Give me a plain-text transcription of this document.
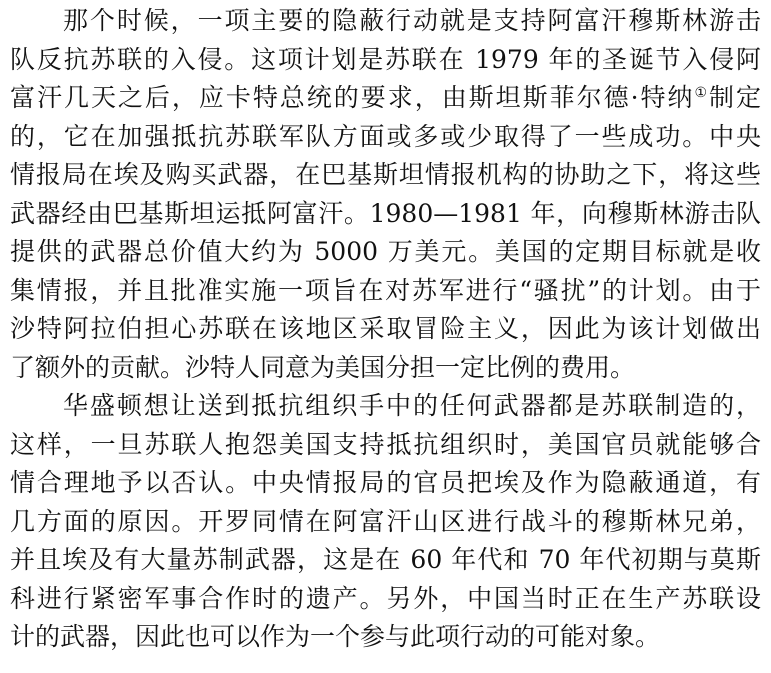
那个时候，一项主要的隐蔽行动就是支持阿富汗穆斯林游击
队反抗苏联的入侵。这项计划是苏联在 1979 年的圣诞节入侵阿
富汗几天之后，应卡特总统的要求，由斯坦斯菲尔德·特纳①制定
的，它在加强抵抗苏联军队方面或多或少取得了一些成功。中央
情报局在埃及购买武器，在巴基斯坦情报机构的协助之下，将这些
武器经由巴基斯坦运抵阿富汗。1980—1981 年，向穆斯林游击队
提供的武器总价值大约为 5000 万美元。美国的定期目标就是收
集情报，并且批准实施一项旨在对苏军进行“骚扰”的计划。由于
沙特阿拉伯担心苏联在该地区采取冒险主义，因此为该计划做出
了额外的贡献。沙特人同意为美国分担一定比例的费用。
华盛顿想让送到抵抗组织手中的任何武器都是苏联制造的，
这样，一旦苏联人抱怨美国支持抵抗组织时，美国官员就能够合
情合理地予以否认。中央情报局的官员把埃及作为隐蔽通道，有
几方面的原因。开罗同情在阿富汗山区进行战斗的穆斯林兄弟，
并且埃及有大量苏制武器，这是在 60 年代和 70 年代初期与莫斯
科进行紧密军事合作时的遗产。另外，中国当时正在生产苏联设
计的武器，因此也可以作为一个参与此项行动的可能对象。
